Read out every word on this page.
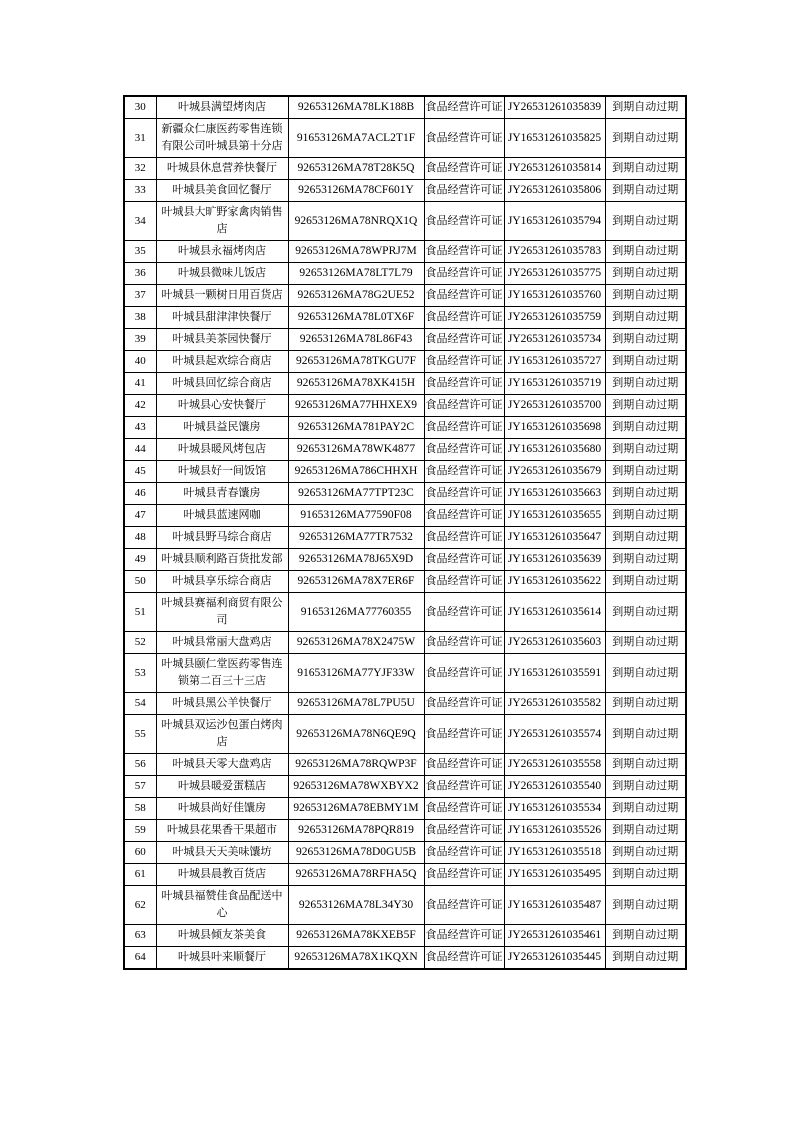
30	叶城县满望烤肉店	92653126MA78LK188B	食品经营许可证	JY26531261035839	到期自动过期
31	新疆众仁康医药零售连锁有限公司叶城县第十分店	91653126MA7ACL2T1F	食品经营许可证	JY16531261035825	到期自动过期
32	叶城县休息营养快餐厅	92653126MA78T28K5Q	食品经营许可证	JY26531261035814	到期自动过期
33	叶城县美食回忆餐厅	92653126MA78CF601Y	食品经营许可证	JY26531261035806	到期自动过期
34	叶城县大旷野家禽肉销售店	92653126MA78NRQX1Q	食品经营许可证	JY16531261035794	到期自动过期
35	叶城县永福烤肉店	92653126MA78WPRJ7M	食品经营许可证	JY26531261035783	到期自动过期
36	叶城县微味儿饭店	92653126MA78LT7L79	食品经营许可证	JY26531261035775	到期自动过期
37	叶城县一颗树日用百货店	92653126MA78G2UE52	食品经营许可证	JY16531261035760	到期自动过期
38	叶城县甜津津快餐厅	92653126MA78L0TX6F	食品经营许可证	JY26531261035759	到期自动过期
39	叶城县美茶园快餐厅	92653126MA78L86F43	食品经营许可证	JY26531261035734	到期自动过期
40	叶城县起欢综合商店	92653126MA78TKGU7F	食品经营许可证	JY16531261035727	到期自动过期
41	叶城县回忆综合商店	92653126MA78XK415H	食品经营许可证	JY16531261035719	到期自动过期
42	叶城县心安快餐厅	92653126MA77HHXEX9	食品经营许可证	JY26531261035700	到期自动过期
43	叶城县益民馕房	92653126MA781PAY2C	食品经营许可证	JY16531261035698	到期自动过期
44	叶城县暖风烤包店	92653126MA78WK4877	食品经营许可证	JY16531261035680	到期自动过期
45	叶城县好一间饭馆	92653126MA786CHHXH	食品经营许可证	JY26531261035679	到期自动过期
46	叶城县青春馕房	92653126MA77TPT23C	食品经营许可证	JY16531261035663	到期自动过期
47	叶城县蓝速网咖	91653126MA77590F08	食品经营许可证	JY16531261035655	到期自动过期
48	叶城县野马综合商店	92653126MA77TR7532	食品经营许可证	JY16531261035647	到期自动过期
49	叶城县顺利路百货批发部	92653126MA78J65X9D	食品经营许可证	JY16531261035639	到期自动过期
50	叶城县享乐综合商店	92653126MA78X7ER6F	食品经营许可证	JY16531261035622	到期自动过期
51	叶城县赛福利商贸有限公司	91653126MA77760355	食品经营许可证	JY16531261035614	到期自动过期
52	叶城县常丽大盘鸡店	92653126MA78X2475W	食品经营许可证	JY26531261035603	到期自动过期
53	叶城县颐仁堂医药零售连锁第二百三十三店	91653126MA77YJF33W	食品经营许可证	JY16531261035591	到期自动过期
54	叶城县黑公羊快餐厅	92653126MA78L7PU5U	食品经营许可证	JY26531261035582	到期自动过期
55	叶城县双运沙包蛋白烤肉店	92653126MA78N6QE9Q	食品经营许可证	JY26531261035574	到期自动过期
56	叶城县天零大盘鸡店	92653126MA78RQWP3F	食品经营许可证	JY26531261035558	到期自动过期
57	叶城县暖爱蛋糕店	92653126MA78WXBYX2	食品经营许可证	JY26531261035540	到期自动过期
58	叶城县尚好佳馕房	92653126MA78EBMY1M	食品经营许可证	JY16531261035534	到期自动过期
59	叶城县花果香干果超市	92653126MA78PQR819	食品经营许可证	JY16531261035526	到期自动过期
60	叶城县天天美味馕坊	92653126MA78D0GU5B	食品经营许可证	JY16531261035518	到期自动过期
61	叶城县晨教百货店	92653126MA78RFHA5Q	食品经营许可证	JY16531261035495	到期自动过期
62	叶城县福赞佳食品配送中心	92653126MA78L34Y30	食品经营许可证	JY16531261035487	到期自动过期
63	叶城县倾友茶美食	92653126MA78KXEB5F	食品经营许可证	JY26531261035461	到期自动过期
64	叶城县叶来顺餐厅	92653126MA78X1KQXN	食品经营许可证	JY26531261035445	到期自动过期
